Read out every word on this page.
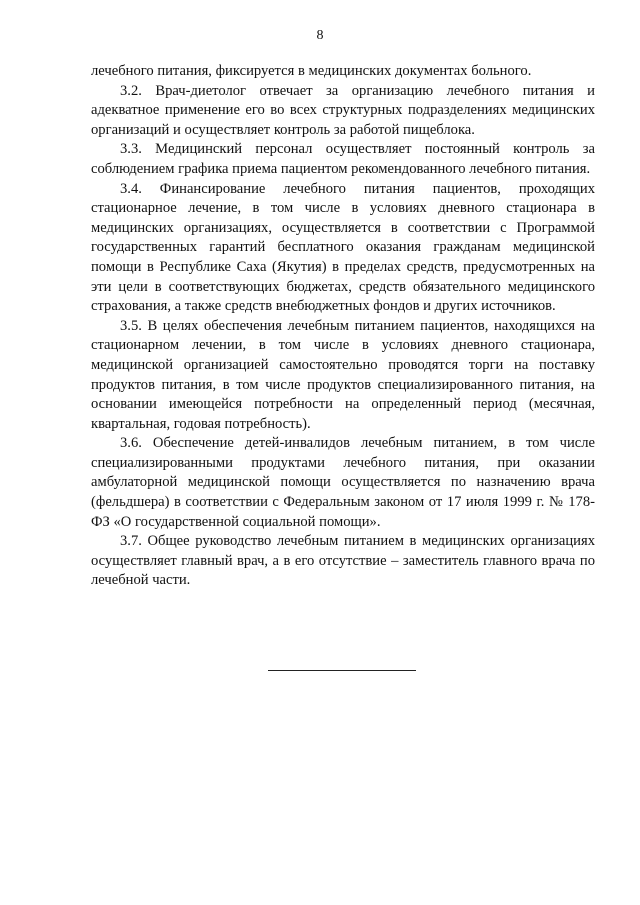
8

лечебного питания, фиксируется в медицинских документах больного.

3.2. Врач-диетолог отвечает за организацию лечебного питания и адекватное применение его во всех структурных подразделениях медицинских организаций и осуществляет контроль за работой пищеблока.

3.3. Медицинский персонал осуществляет постоянный контроль за соблюдением графика приема пациентом рекомендованного лечебного питания.

3.4. Финансирование лечебного питания пациентов, проходящих стационарное лечение, в том числе в условиях дневного стационара в медицинских организациях, осуществляется в соответствии с Программой государственных гарантий бесплатного оказания гражданам медицинской помощи в Республике Саха (Якутия) в пределах средств, предусмотренных на эти цели в соответствующих бюджетах, средств обязательного медицинского страхования, а также средств внебюджетных фондов и других источников.

3.5. В целях обеспечения лечебным питанием пациентов, находящихся на стационарном лечении, в том числе в условиях дневного стационара, медицинской организацией самостоятельно проводятся торги на поставку продуктов питания, в том числе продуктов специализированного питания, на основании имеющейся потребности на определенный период (месячная, квартальная, годовая потребность).

3.6. Обеспечение детей-инвалидов лечебным питанием, в том числе специализированными продуктами лечебного питания, при оказании амбулаторной медицинской помощи осуществляется по назначению врача (фельдшера) в соответствии с Федеральным законом от 17 июля 1999 г. № 178-ФЗ «О государственной социальной помощи».

3.7. Общее руководство лечебным питанием в медицинских организациях осуществляет главный врач, а в его отсутствие – заместитель главного врача по лечебной части.
